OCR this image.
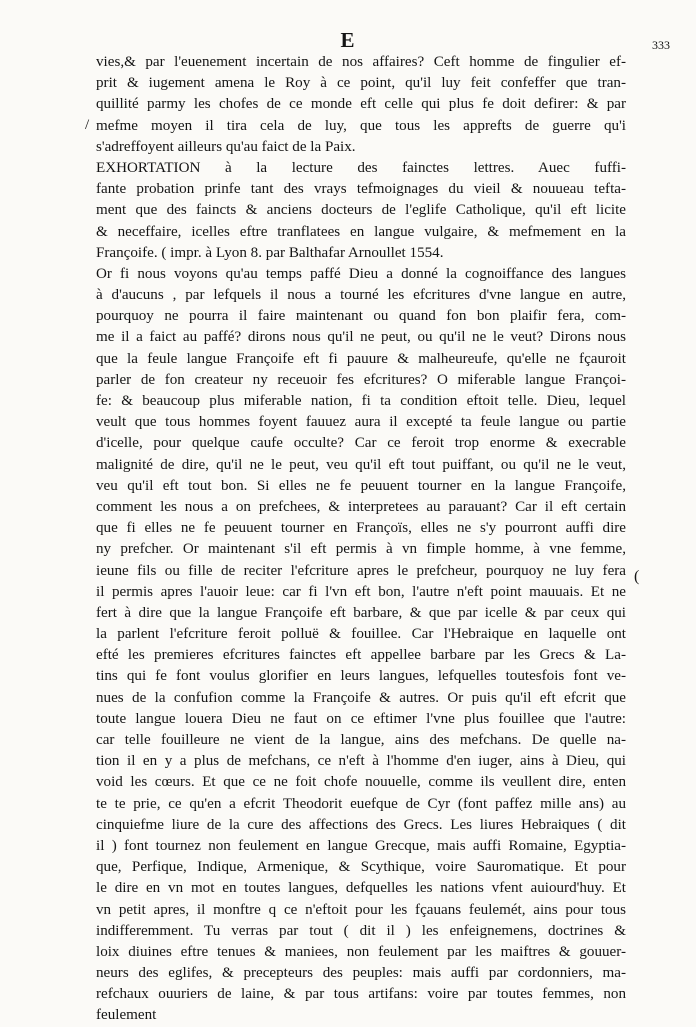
E	333
/
(
vies,& par l'euenement incertain de nos affaires? Ceft homme de fingulier ef-
prit & iugement amena le Roy à ce point, qu'il luy feit confeffer que tran-
quillité parmy les chofes de ce monde eft celle qui plus fe doit defirer: & par
mefme moyen il tira cela de luy, que tous les apprefts de guerre qu'i
s'adreffoyent ailleurs qu'au faict de la Paix.
EXHORTATION à la lecture des fainctes lettres. Auec fuffi-
fante probation prinfe tant des vrays tefmoignages du vieil & nouueau tefta-
ment que des faincts & anciens docteurs de l'eglife Catholique, qu'il eft licite
& neceffaire, icelles eftre tranflatees en langue vulgaire, & mefmement en la
Françoife. ( impr. à Lyon 8. par Balthafar Arnoullet 1554.
Or fi nous voyons qu'au temps paffé Dieu a donné la cognoiffance des langues
à d'aucuns , par lefquels il nous a tourné les efcritures d'vne langue en autre,
pourquoy ne pourra il faire maintenant ou quand fon bon plaifir fera, com-
me il a faict au paffé? dirons nous qu'il ne peut, ou qu'il ne le veut? Dirons nous
que la feule langue Françoife eft fi pauure & malheureufe, qu'elle ne fçauroit
parler de fon createur ny receuoir fes efcritures? O miferable langue Françoi-
fe: & beaucoup plus miferable nation, fi ta condition eftoit telle. Dieu, lequel
veult que tous hommes foyent fauuez aura il excepté ta feule langue ou partie
d'icelle, pour quelque caufe occulte? Car ce feroit trop enorme & execrable
malignité de dire, qu'il ne le peut, veu qu'il eft tout puiffant, ou qu'il ne le veut,
veu qu'il eft tout bon. Si elles ne fe peuuent tourner en la langue Françoife,
comment les nous a on prefchees, & interpretees au parauant? Car il eft certain
que fi elles ne fe peuuent tourner en Françoïs, elles ne s'y pourront auffi dire
ny prefcher. Or maintenant s'il eft permis à vn fimple homme, à vne femme,
ieune fils ou fille de reciter l'efcriture apres le prefcheur, pourquoy ne luy fera
il permis apres l'auoir leue: car fi l'vn eft bon, l'autre n'eft point mauuais. Et ne
fert à dire que la langue Françoife eft barbare, & que par icelle & par ceux qui
la parlent l'efcriture feroit polluë & fouillee. Car l'Hebraique en laquelle ont
efté les premieres efcritures fainctes eft appellee barbare par les Grecs & La-
tins qui fe font voulus glorifier en leurs langues, lefquelles toutesfois font ve-
nues de la confufion comme la Françoife & autres. Or puis qu'il eft efcrit que
toute langue louera Dieu ne faut on ce eftimer l'vne plus fouillee que l'autre:
car telle fouilleure ne vient de la langue, ains des mefchans. De quelle na-
tion il en y a plus de mefchans, ce n'eft à l'homme d'en iuger, ains à Dieu, qui
void les cœurs. Et que ce ne foit chofe nouuelle, comme ils veullent dire, enten
te te prie, ce qu'en a efcrit Theodorit euefque de Cyr (font paffez mille ans) au
cinquiefme liure de la cure des affections des Grecs. Les liures Hebraiques ( dit
il ) font tournez non feulement en langue Grecque, mais auffi Romaine, Egyptia-
que, Perfique, Indique, Armenique, & Scythique, voire Sauromatique. Et pour
le dire en vn mot en toutes langues, defquelles les nations vfent auiourd'huy. Et
vn petit apres, il monftre q ce n'eftoit pour les fçauans feulemét, ains pour tous
indifferemment. Tu verras par tout ( dit il ) les enfeignemens, doctrines &
loix diuines eftre tenues & maniees, non feulement par les maiftres & gouuer-
neurs des eglifes, & precepteurs des peuples: mais auffi par cordonniers, ma-
refchaux ouuriers de laine, & par tous artifans: voire par toutes femmes, non
feulement
